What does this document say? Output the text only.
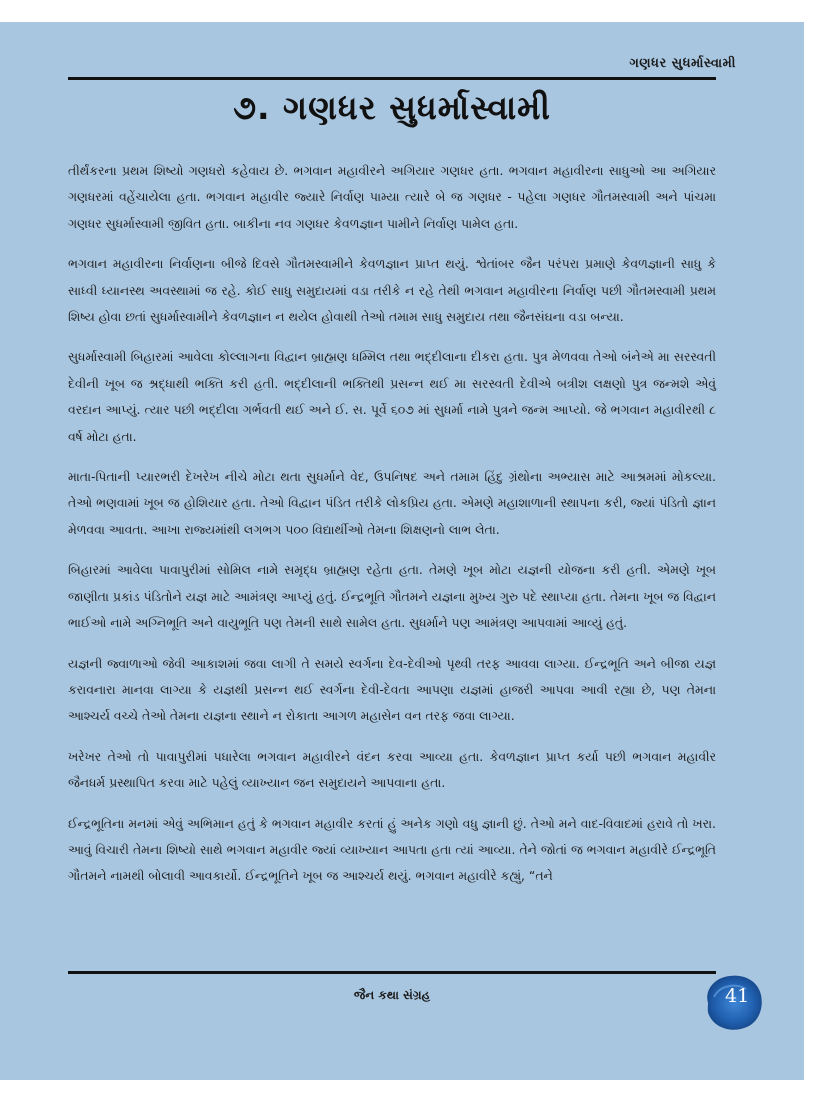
ગણધર સુધર્માસ્વામી
૭. ગણધર સુધર્માસ્વામી

તીર્થંકરના પ્રથમ શિષ્યો ગણધરો કહેવાય છે. ભગવાન મહાવીરને અગિયાર ગણધર હતા. ભગવાન મહાવીરના સાધુઓ આ અગિયાર ગણધરમાં વહેંચાયેલા હતા. ભગવાન મહાવીર જ્યારે નિર્વાણ પામ્યા ત્યારે બે જ ગણધર - પહેલા ગણધર ગૌતમસ્વામી અને પાંચમા ગણધર સુધર્માસ્વામી જીવિત હતા. બાકીના નવ ગણધર કેવળજ્ઞાન પામીને નિર્વાણ પામેલ હતા.

ભગવાન મહાવીરના નિર્વાણના બીજે દિવસે ગૌતમસ્વામીને કેવળજ્ઞાન પ્રાપ્ત થયું. શ્વેતાંબર જૈન પરંપરા પ્રમાણે કેવળજ્ઞાની સાધુ કે સાધ્વી ધ્યાનસ્થ અવસ્થામાં જ રહે. કોઈ સાધુ સમુદાયમાં વડા તરીકે ન રહે તેથી ભગવાન મહાવીરના નિર્વાણ પછી ગૌતમસ્વામી પ્રથમ શિષ્ય હોવા છતાં સુધર્માસ્વામીને કેવળજ્ઞાન ન થયેલ હોવાથી તેઓ તમામ સાધુ સમુદાય તથા જૈનસંઘના વડા બન્યા.

સુધર્માસ્વામી બિહારમાં આવેલા કોલ્લાગના વિદ્વાન બ્રાહ્મણ ધમ્મિલ તથા ભદ્દીલાના દીકરા હતા. પુત્ર મેળવવા તેઓ બંનેએ મા સરસ્વતી દેવીની ખૂબ જ શ્રદ્ધાથી ભક્તિ કરી હતી. ભદ્દીલાની ભક્તિથી પ્રસન્ન થઈ મા સરસ્વતી દેવીએ બત્રીશ લક્ષણો પુત્ર જન્મશે એવું વરદાન આપ્યું. ત્યાર પછી ભદ્દીલા ગર્ભવતી થઈ અને ઈ. સ. પૂર્વે ૬૦૭ માં સુધર્મા નામે પુત્રને જન્મ આપ્યો. જે ભગવાન મહાવીરથી ૮ વર્ષ મોટા હતા.

માતા-પિતાની પ્યારભરી દેખરેખ નીચે મોટા થતા સુધર્માને વેદ, ઉપનિષદ અને તમામ હિંદુ ગ્રંથોના અભ્યાસ માટે આશ્રમમાં મોકલ્યા. તેઓ ભણવામાં ખૂબ જ હોશિયાર હતા. તેઓ વિદ્વાન પંડિત તરીકે લોકપ્રિય હતા. એમણે મહાશાળાની સ્થાપના કરી, જ્યાં પંડિતો જ્ઞાન મેળવવા આવતા. આખા રાજ્યમાંથી લગભગ ૫૦૦ વિદ્યાર્થીઓ તેમના શિક્ષણનો લાભ લેતા.

બિહારમાં આવેલા પાવાપુરીમાં સોમિલ નામે સમૃદ્ધ બ્રાહ્મણ રહેતા હતા. તેમણે ખૂબ મોટા યજ્ઞની યોજના કરી હતી. એમણે ખૂબ જાણીતા પ્રકાંડ પંડિતોને યજ્ઞ માટે આમંત્રણ આપ્યું હતું. ઈન્દ્રભૂતિ ગૌતમને યજ્ઞના મુખ્ય ગુરુ પદે સ્થાપ્યા હતા. તેમના ખૂબ જ વિદ્વાન ભાઈઓ નામે અગ્નિભૂતિ અને વાયુભૂતિ પણ તેમની સાથે સામેલ હતા. સુધર્માને પણ આમંત્રણ આપવામાં આવ્યું હતું.

યજ્ઞની જ્વાળાઓ જેવી આકાશમાં જવા લાગી તે સમયે સ્વર્ગના દેવ-દેવીઓ પૃથ્વી તરફ આવવા લાગ્યા. ઈન્દ્રભૂતિ અને બીજા યજ્ઞ કરાવનારા માનવા લાગ્યા કે યજ્ઞથી પ્રસન્ન થઈ સ્વર્ગના દેવી-દેવતા આપણા યજ્ઞમાં હાજરી આપવા આવી રહ્યા છે, પણ તેમના આશ્ચર્ય વચ્ચે તેઓ તેમના યજ્ઞના સ્થાને ન રોકાતા આગળ મહાસેન વન તરફ જવા લાગ્યા.

ખરેખર તેઓ તો પાવાપુરીમાં પધારેલા ભગવાન મહાવીરને વંદન કરવા આવ્યા હતા. કેવળજ્ઞાન પ્રાપ્ત કર્યા પછી ભગવાન મહાવીર જૈનધર્મ પ્રસ્થાપિત કરવા માટે પહેલું વ્યાખ્યાન જન સમુદાયને આપવાના હતા.

ઈન્દ્રભૂતિના મનમાં એવું અભિમાન હતું કે ભગવાન મહાવીર કરતાં હું અનેક ગણો વધુ જ્ઞાની છું. તેઓ મને વાદ-વિવાદમાં હરાવે તો ખરા. આવું વિચારી તેમના શિષ્યો સાથે ભગવાન મહાવીર જ્યાં વ્યાખ્યાન આપતા હતા ત્યાં આવ્યા. તેને જોતાં જ ભગવાન મહાવીરે ઈન્દ્રભૂતિ ગૌતમને નામથી બોલાવી આવકાર્યો. ઈન્દ્રભૂતિને ખૂબ જ આશ્ચર્ય થયું. ભગવાન મહાવીરે કહ્યું, “તને

જૈન કથા સંગ્રહ	41
